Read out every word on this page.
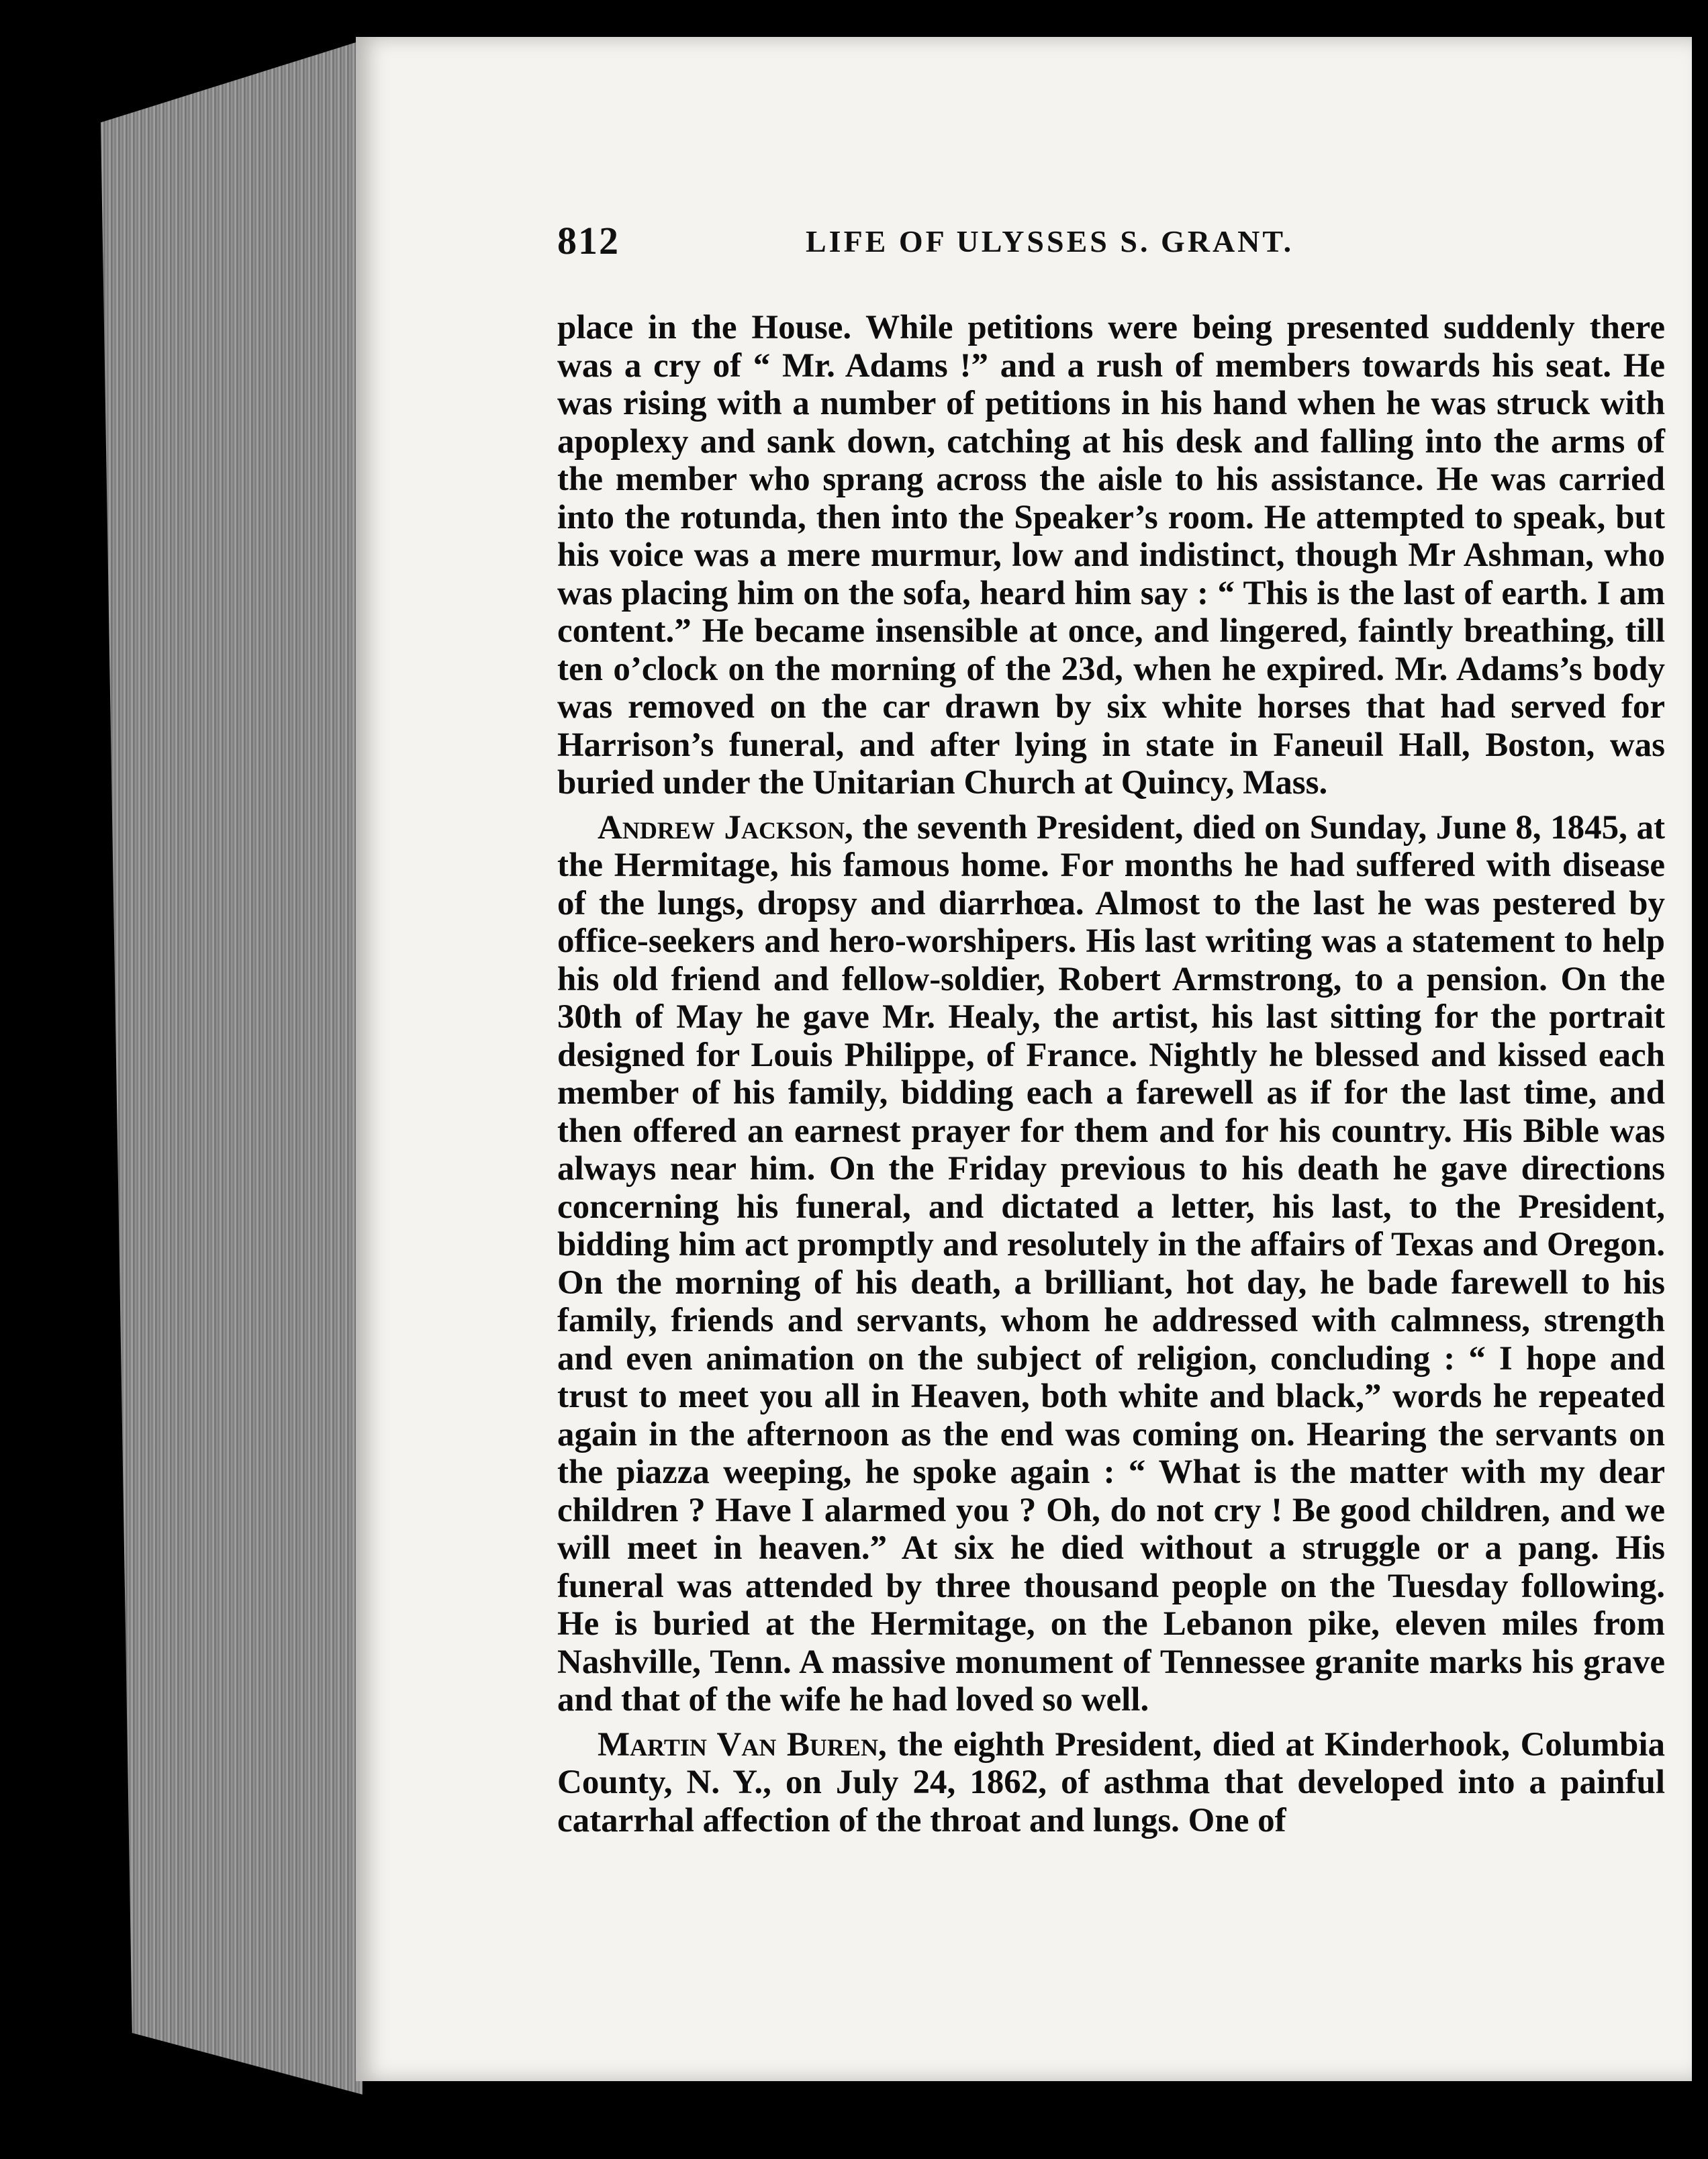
812	LIFE OF ULYSSES S. GRANT.

place in the House. While petitions were being presented suddenly there was a cry of “ Mr. Adams !” and a rush of members towards his seat. He was rising with a number of petitions in his hand when he was struck with apoplexy and sank down, catching at his desk and falling into the arms of the member who sprang across the aisle to his assistance. He was carried into the rotunda, then into the Speaker’s room. He attempted to speak, but his voice was a mere murmur, low and indistinct, though Mr Ashman, who was placing him on the sofa, heard him say : “ This is the last of earth. I am content.” He became insensible at once, and lingered, faintly breathing, till ten o’clock on the morning of the 23d, when he expired. Mr. Adams’s body was removed on the car drawn by six white horses that had served for Harrison’s funeral, and after lying in state in Faneuil Hall, Boston, was buried under the Unitarian Church at Quincy, Mass.

Andrew Jackson, the seventh President, died on Sunday, June 8, 1845, at the Hermitage, his famous home. For months he had suffered with disease of the lungs, dropsy and diarrhœa. Almost to the last he was pestered by office-seekers and hero-worshipers. His last writing was a statement to help his old friend and fellow-soldier, Robert Armstrong, to a pension. On the 30th of May he gave Mr. Healy, the artist, his last sitting for the portrait designed for Louis Philippe, of France. Nightly he blessed and kissed each member of his family, bidding each a farewell as if for the last time, and then offered an earnest prayer for them and for his country. His Bible was always near him. On the Friday previous to his death he gave directions concerning his funeral, and dictated a letter, his last, to the President, bidding him act promptly and resolutely in the affairs of Texas and Oregon. On the morning of his death, a brilliant, hot day, he bade farewell to his family, friends and servants, whom he addressed with calmness, strength and even animation on the subject of religion, concluding : “ I hope and trust to meet you all in Heaven, both white and black,” words he repeated again in the afternoon as the end was coming on. Hearing the servants on the piazza weeping, he spoke again : “ What is the matter with my dear children ? Have I alarmed you ? Oh, do not cry ! Be good children, and we will meet in heaven.” At six he died without a struggle or a pang. His funeral was attended by three thousand people on the Tuesday following. He is buried at the Hermitage, on the Lebanon pike, eleven miles from Nashville, Tenn. A massive monument of Tennessee granite marks his grave and that of the wife he had loved so well.

Martin Van Buren, the eighth President, died at Kinderhook, Columbia County, N. Y., on July 24, 1862, of asthma that developed into a painful catarrhal affection of the throat and lungs. One of
